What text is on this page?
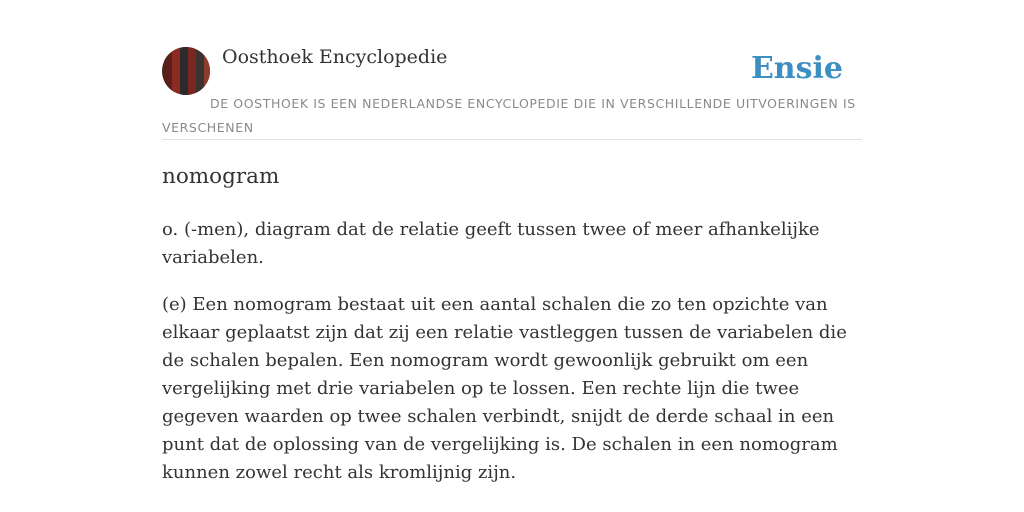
Oosthoek Encyclopedie	Ensie
DE OOSTHOEK IS EEN NEDERLANDSE ENCYCLOPEDIE DIE IN VERSCHILLENDE UITVOERINGEN IS VERSCHENEN
nomogram

o. (-men), diagram dat de relatie geeft tussen twee of meer afhankelijke variabelen.

(e) Een nomogram bestaat uit een aantal schalen die zo ten opzichte van elkaar geplaatst zijn dat zij een relatie vastleggen tussen de variabelen die de schalen bepalen. Een nomogram wordt gewoonlijk gebruikt om een vergelijking met drie variabelen op te lossen. Een rechte lijn die twee gegeven waarden op twee schalen verbindt, snijdt de derde schaal in een punt dat de oplossing van de vergelijking is. De schalen in een nomogram kunnen zowel recht als kromlijnig zijn.
